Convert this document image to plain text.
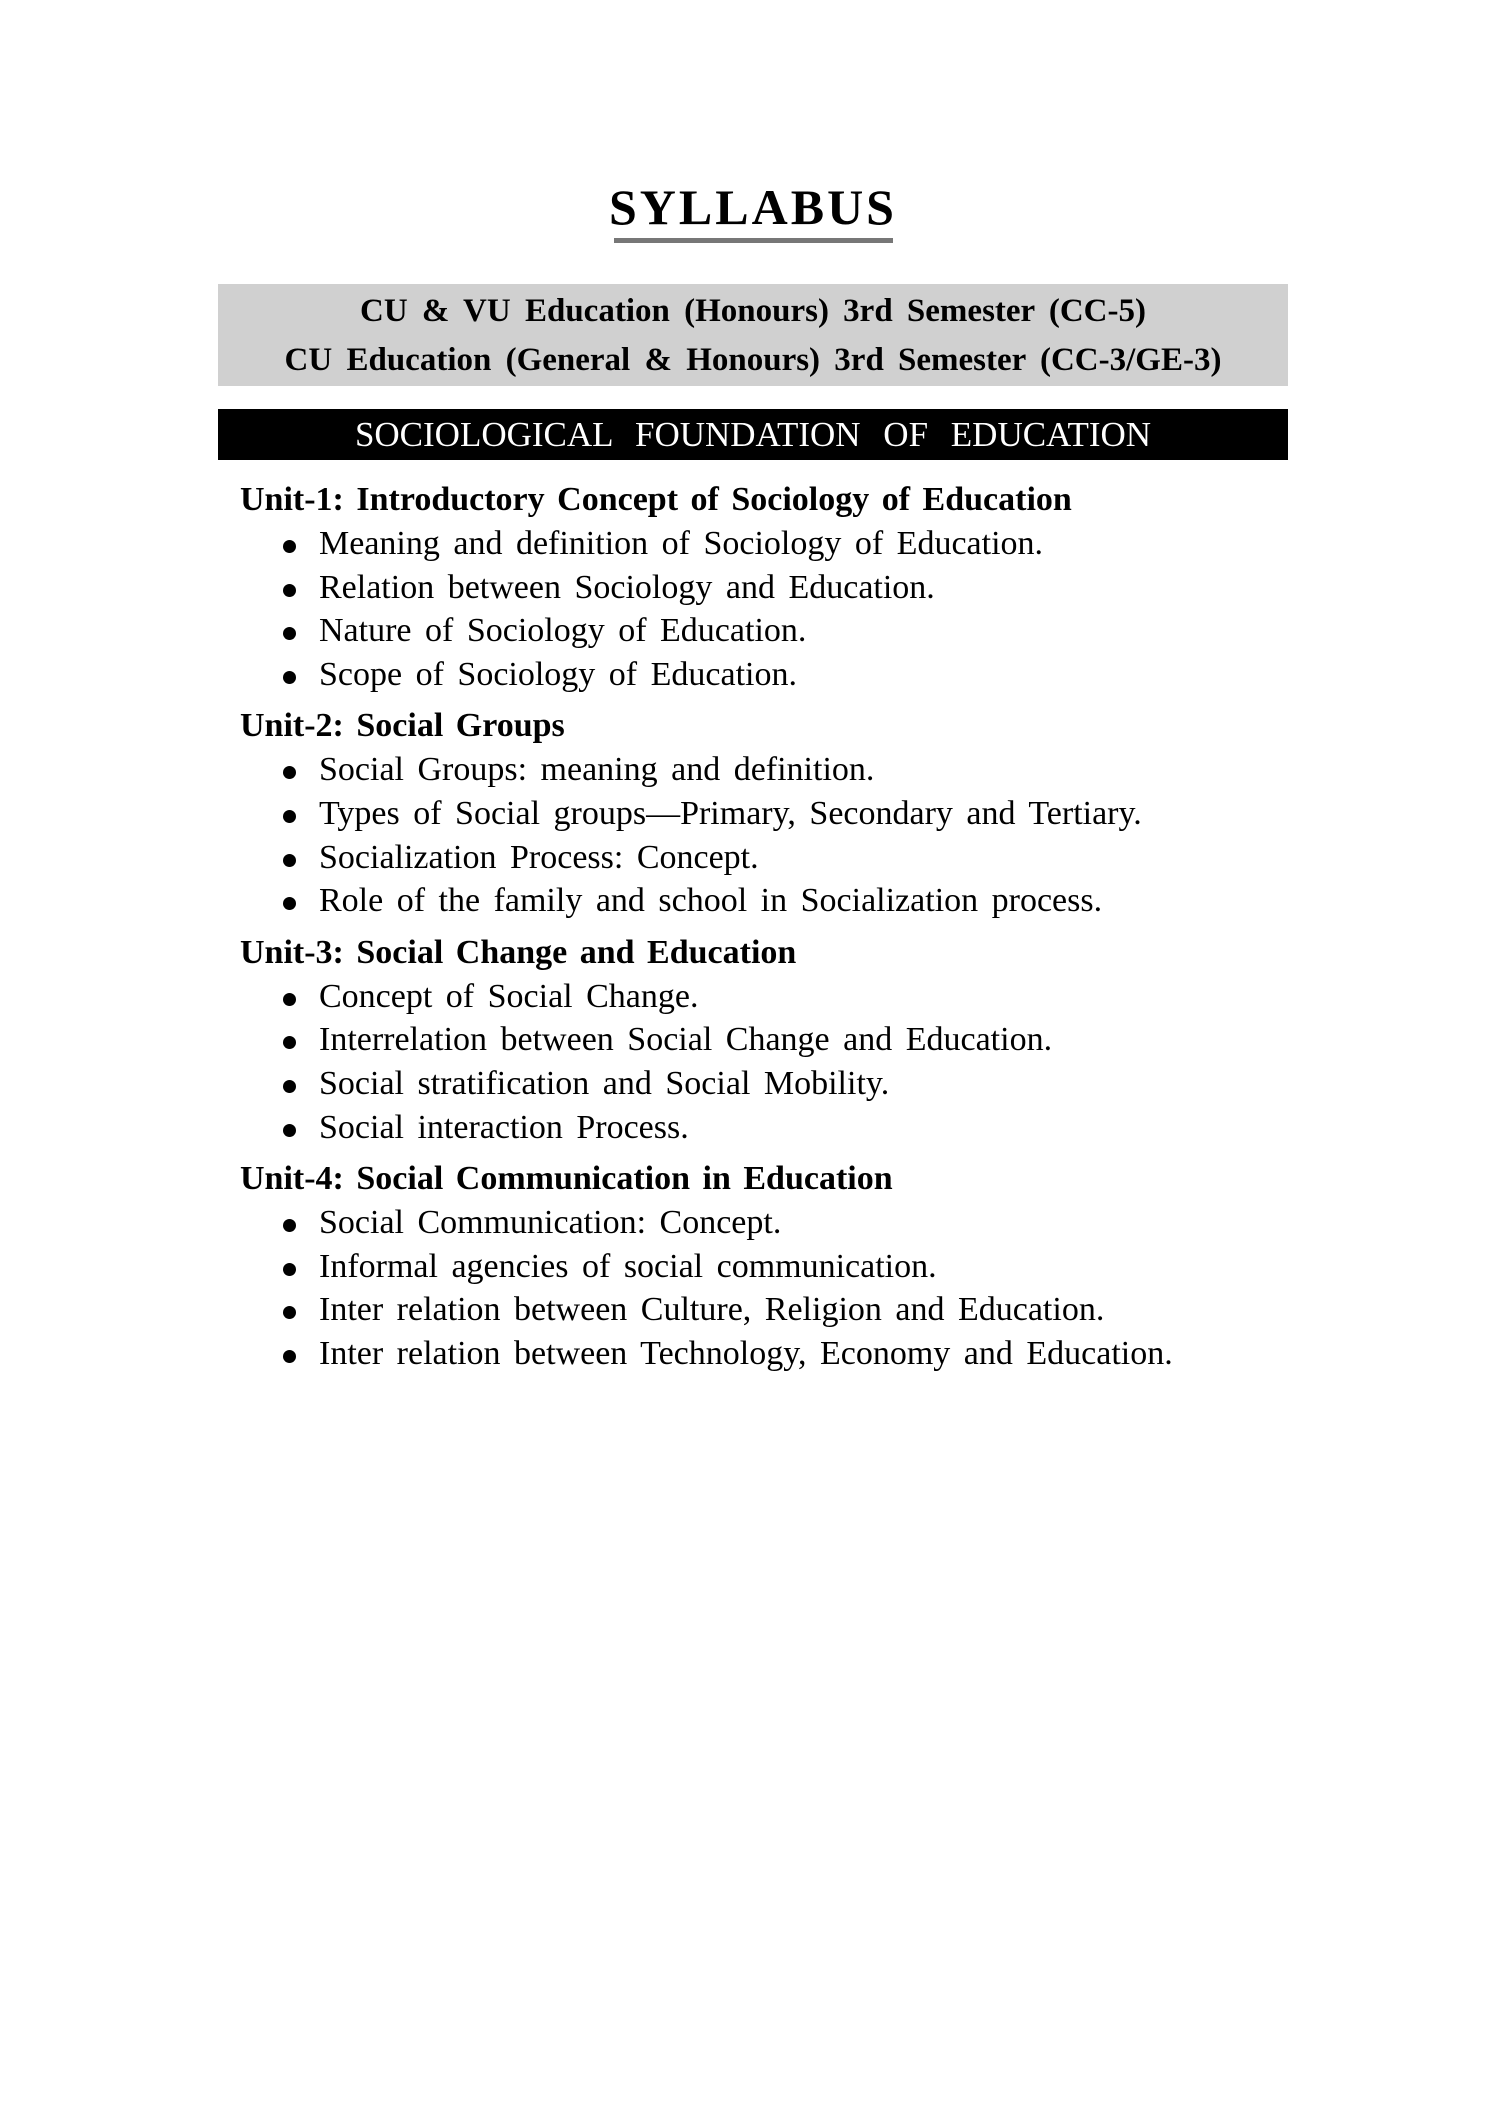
SYLLABUS
CU & VU Education (Honours) 3rd Semester (CC-5)
CU Education (General & Honours) 3rd Semester (CC-3/GE-3)
SOCIOLOGICAL FOUNDATION OF EDUCATION
Unit-1: Introductory Concept of Sociology of Education
Meaning and definition of Sociology of Education.
Relation between Sociology and Education.
Nature of Sociology of Education.
Scope of Sociology of Education.
Unit-2: Social Groups
Social Groups: meaning and definition.
Types of Social groups—Primary, Secondary and Tertiary.
Socialization Process: Concept.
Role of the family and school in Socialization process.
Unit-3: Social Change and Education
Concept of Social Change.
Interrelation between Social Change and Education.
Social stratification and Social Mobility.
Social interaction Process.
Unit-4: Social Communication in Education
Social Communication: Concept.
Informal agencies of social communication.
Inter relation between Culture, Religion and Education.
Inter relation between Technology, Economy and Education.
